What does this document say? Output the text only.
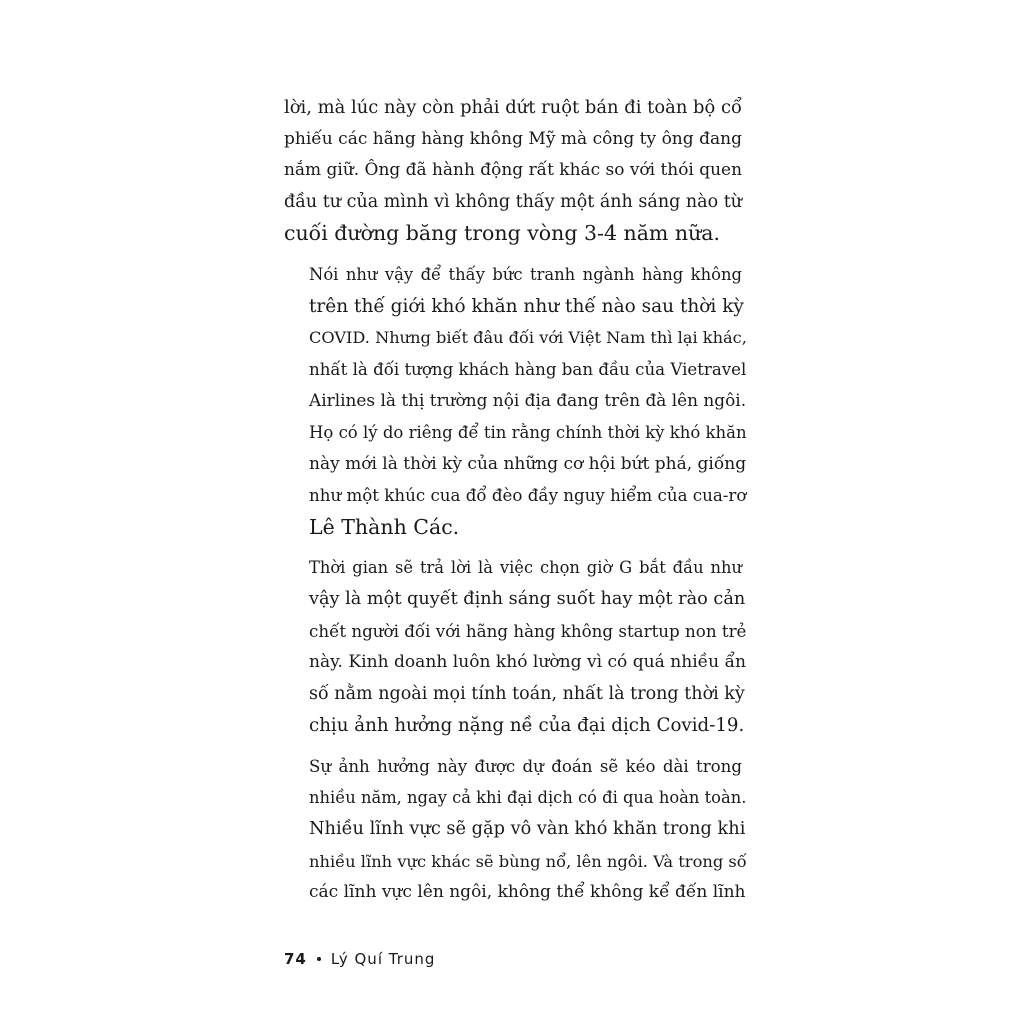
lời, mà lúc này còn phải dứt ruột bán đi toàn bộ cổ
phiếu các hãng hàng không Mỹ mà công ty ông đang
nắm giữ. Ông đã hành động rất khác so với thói quen
đầu tư của mình vì không thấy một ánh sáng nào từ
cuối đường băng trong vòng 3-4 năm nữa.

Nói như vậy để thấy bức tranh ngành hàng không
trên thế giới khó khăn như thế nào sau thời kỳ
COVID. Nhưng biết đâu đối với Việt Nam thì lại khác,
nhất là đối tượng khách hàng ban đầu của Vietravel
Airlines là thị trường nội địa đang trên đà lên ngôi.
Họ có lý do riêng để tin rằng chính thời kỳ khó khăn
này mới là thời kỳ của những cơ hội bứt phá, giống
như một khúc cua đổ đèo đầy nguy hiểm của cua-rơ
Lê Thành Các.

Thời gian sẽ trả lời là việc chọn giờ G bắt đầu như
vậy là một quyết định sáng suốt hay một rào cản
chết người đối với hãng hàng không startup non trẻ
này. Kinh doanh luôn khó lường vì có quá nhiều ẩn
số nằm ngoài mọi tính toán, nhất là trong thời kỳ
chịu ảnh hưởng nặng nề của đại dịch Covid-19.

Sự ảnh hưởng này được dự đoán sẽ kéo dài trong
nhiều năm, ngay cả khi đại dịch có đi qua hoàn toàn.
Nhiều lĩnh vực sẽ gặp vô vàn khó khăn trong khi
nhiều lĩnh vực khác sẽ bùng nổ, lên ngôi. Và trong số
các lĩnh vực lên ngôi, không thể không kể đến lĩnh

74 Lý Quí Trung
